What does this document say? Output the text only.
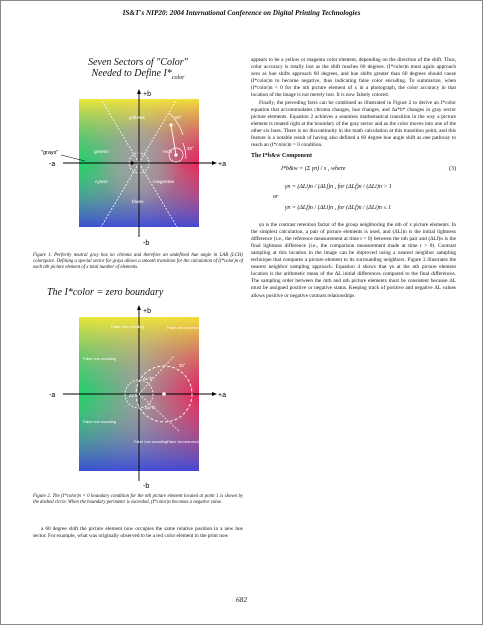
IS&T's NIP20: 2004 International Conference on Digital Printing Technologies
Seven Sectors of "Color"
Needed to Define $I*_{color}$
+b
-b
+a
-a
"grays"
yellows
greens	reds
cyans	magentas
blues
60°
30°
Figure 1. Perfectly neutral gray has no chroma and therefore an undefined hue angle in LAB (LCH) colorspace. Defining a special sector for grays allows a smooth transition for the calculation of (I*color)n of each nth picture element of x total number of elements.
The I*color = zero boundary
+b
-b
+a
-a
False hue encoding	False chroma encoding
False hue encoding
False hue encoding
False hue encoding False chroma encoding
ΔL*b*
ΔC*
Δa*b*
30°
Figure 2. The (I*color)n = 0 boundary condition for the nth picture element located at point 1 is shown by the dashed circle. When the boundary perimeter is exceeded, (I*color)n becomes a negative value.

a 60 degree shift the picture element now occupies the same relative position in a new hue sector. For example, what was originally observed to be a red color element in the print now

appears to be a yellow or magenta color element, depending on the direction of the shift. Thus, color accuracy is totally lost as the shift reaches 60 degrees. (I*color)n must again approach zero as hue shifts approach 60 degrees, and hue shifts greater than 60 degrees should cause (I*color)n to become negative, thus indicating false color encoding. To summarize, when (I*color)n < 0 for the nth picture element of x in a photograph, the color accuracy in that location of the image is not merely lost. It is now falsely colored.

Finally, the preceding facts can be combined as illustrated in Figure 2 to derive an I*color equation that accommodates chroma changes, hue changes, and Δa*b* changes in gray sector picture elements. Equation 2 achieves a seamless mathematical transition in the way a picture element is treated right at the boundary of the gray sector and as the color moves into one of the other six hues. There is no discontinuity in the math calculation at this transition point, and this feature is a notable result of having also defined a 60 degree hue angle shift as one pathway to reach an (I*color)n = 0 condition.

The I*b&w Component
I*b&w = (Σ γn) / x , where	(3)
γn = (ΔLi)n / (ΔLf)n , for (ΔLf)n / (ΔLi)n > 1
or
γn = (ΔLf)n / (ΔLi)n , for (ΔLf)n / (ΔLi)n ≤ 1

γn is the contrast retention factor of the group neighboring the nth of x picture elements. In the simplest calculation, a pair of picture elements is used, and (ΔLi)n is the initial lightness difference (i.e., the reference measurement at time t = 0) between the nth pair and (ΔLf)n is the final lightness difference (i.e., the comparison measurement made at time t > 0). Contrast sampling at this location in the image can be improved using a nearest neighbor sampling technique that compares a picture element to its surrounding neighbors. Figure 3 illustrates the nearest neighbor sampling approach. Equation 4 shows that γn at the nth picture element location is the arithmetic mean of the ΔL initial differences compared to the final differences. The sampling order between the mth and nth picture elements must be consistent because ΔL must be assigned positive or negative status. Keeping track of positive and negative ΔL values allows positive or negative contrast relationships

682
